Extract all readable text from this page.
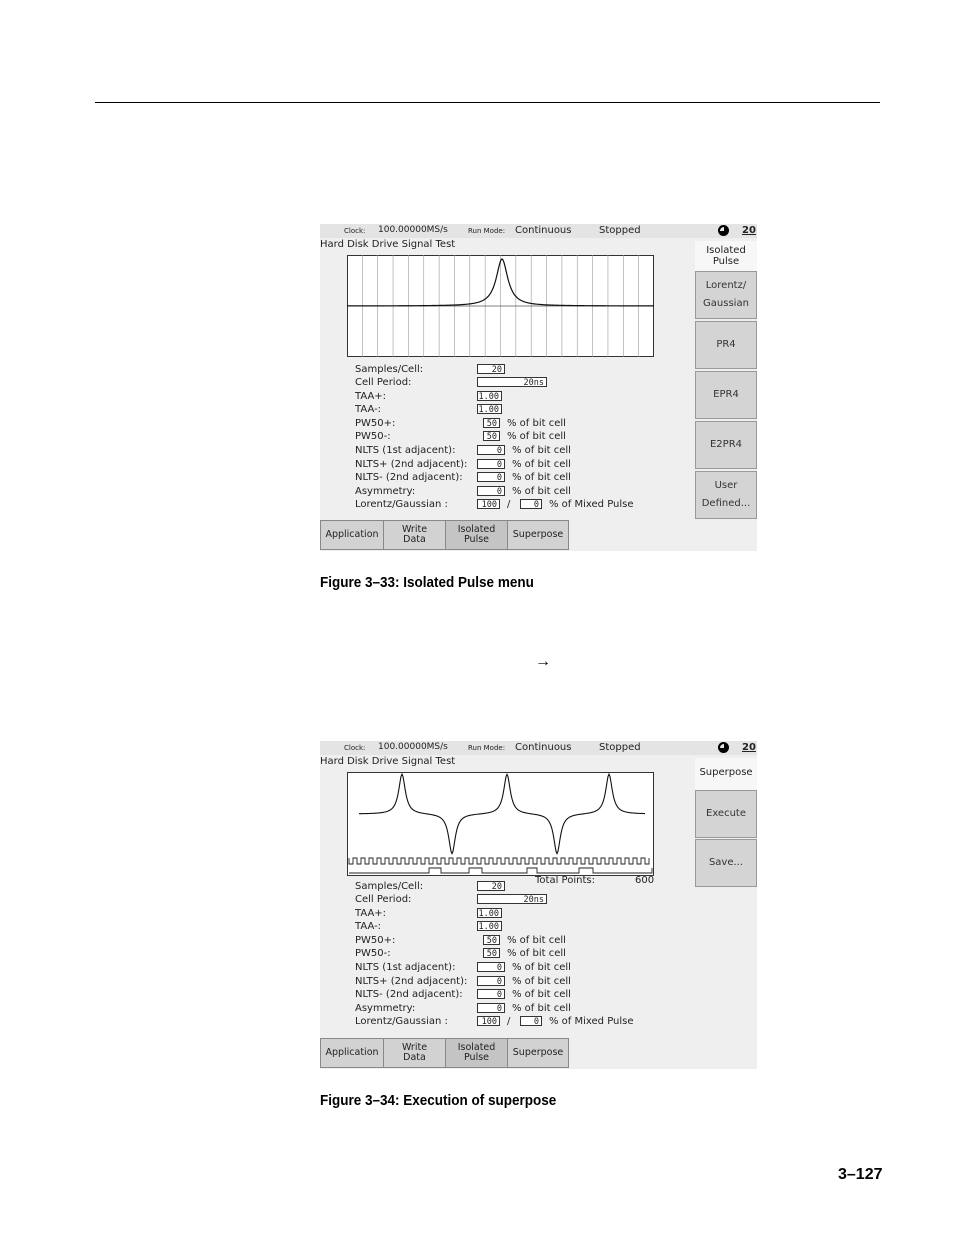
Clock: 100.00000MS/s	Run Mode: Continuous	Stopped	20
Hard Disk Drive Signal Test
Samples/Cell:	20
Cell Period:	20ns
TAA+:	1.00
TAA-:	1.00
PW50+:	50	% of bit cell
PW50-:	50	% of bit cell
NLTS (1st adjacent):	0	% of bit cell
NLTS+ (2nd adjacent):	0	% of bit cell
NLTS- (2nd adjacent):	0	% of bit cell
Asymmetry:	0	% of bit cell
Lorentz/Gaussian :	100	/	0	% of Mixed Pulse
Isolated
Pulse
Lorentz/
Gaussian
PR4
EPR4
E2PR4
User
Defined...
Application	Write
Data
Isolated
Pulse	Superpose
Figure 3–33: Isolated Pulse menu
→
Clock: 100.00000MS/s	Run Mode: Continuous	Stopped	20
Hard Disk Drive Signal Test
Total Points:	600
Samples/Cell:	20
Cell Period:	20ns
TAA+:	1.00
TAA-:	1.00
PW50+:	50	% of bit cell
PW50-:	50	% of bit cell
NLTS (1st adjacent):	0	% of bit cell
NLTS+ (2nd adjacent):	0	% of bit cell
NLTS- (2nd adjacent):	0	% of bit cell
Asymmetry:	0	% of bit cell
Lorentz/Gaussian :	100	/	0	% of Mixed Pulse
Superpose
Execute
Save...
Application	Write
Data
Isolated
Pulse	Superpose
Figure 3–34: Execution of superpose
3–127
